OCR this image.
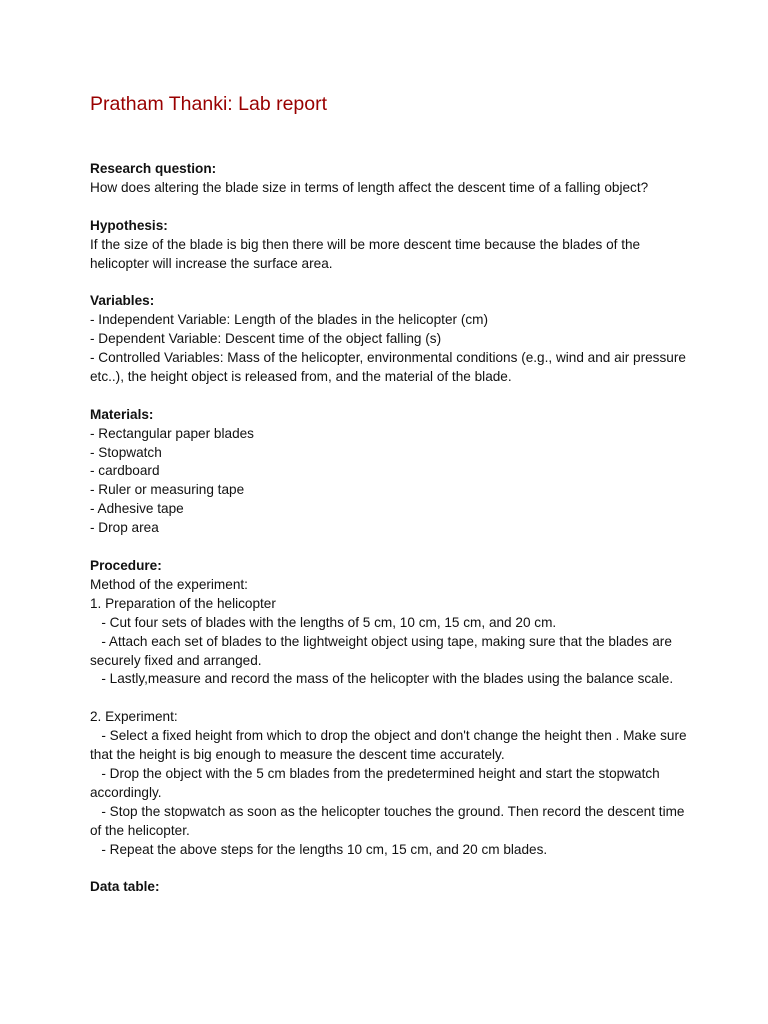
Pratham Thanki: Lab report
Research question:
How does altering the blade size in terms of length affect the descent time of a falling object?
Hypothesis:
If the size of the blade is big then there will be more descent time because the blades of the helicopter will increase the surface area.
Variables:
- Independent Variable: Length of the blades in the helicopter (cm)
- Dependent Variable: Descent time of the object falling (s)
- Controlled Variables: Mass of the helicopter, environmental conditions (e.g., wind and air pressure etc..), the height object is released from, and the material of the blade.
Materials:
- Rectangular paper blades
- Stopwatch
- cardboard
- Ruler or measuring tape
- Adhesive tape
- Drop area
Procedure:
Method of the experiment:
1. Preparation of the helicopter
- Cut four sets of blades with the lengths of 5 cm, 10 cm, 15 cm, and 20 cm.
- Attach each set of blades to the lightweight object using tape, making sure that the blades are securely fixed and arranged.
- Lastly,measure and record the mass of the helicopter with the blades using the balance scale.
2. Experiment:
- Select a fixed height from which to drop the object and don't change the height then . Make sure that the height is big enough to measure the descent time accurately.
- Drop the object with the 5 cm blades from the predetermined height and start the stopwatch accordingly.
- Stop the stopwatch as soon as the helicopter touches the ground. Then record the descent time of the helicopter.
- Repeat the above steps for the lengths 10 cm, 15 cm, and 20 cm blades.
Data table:
